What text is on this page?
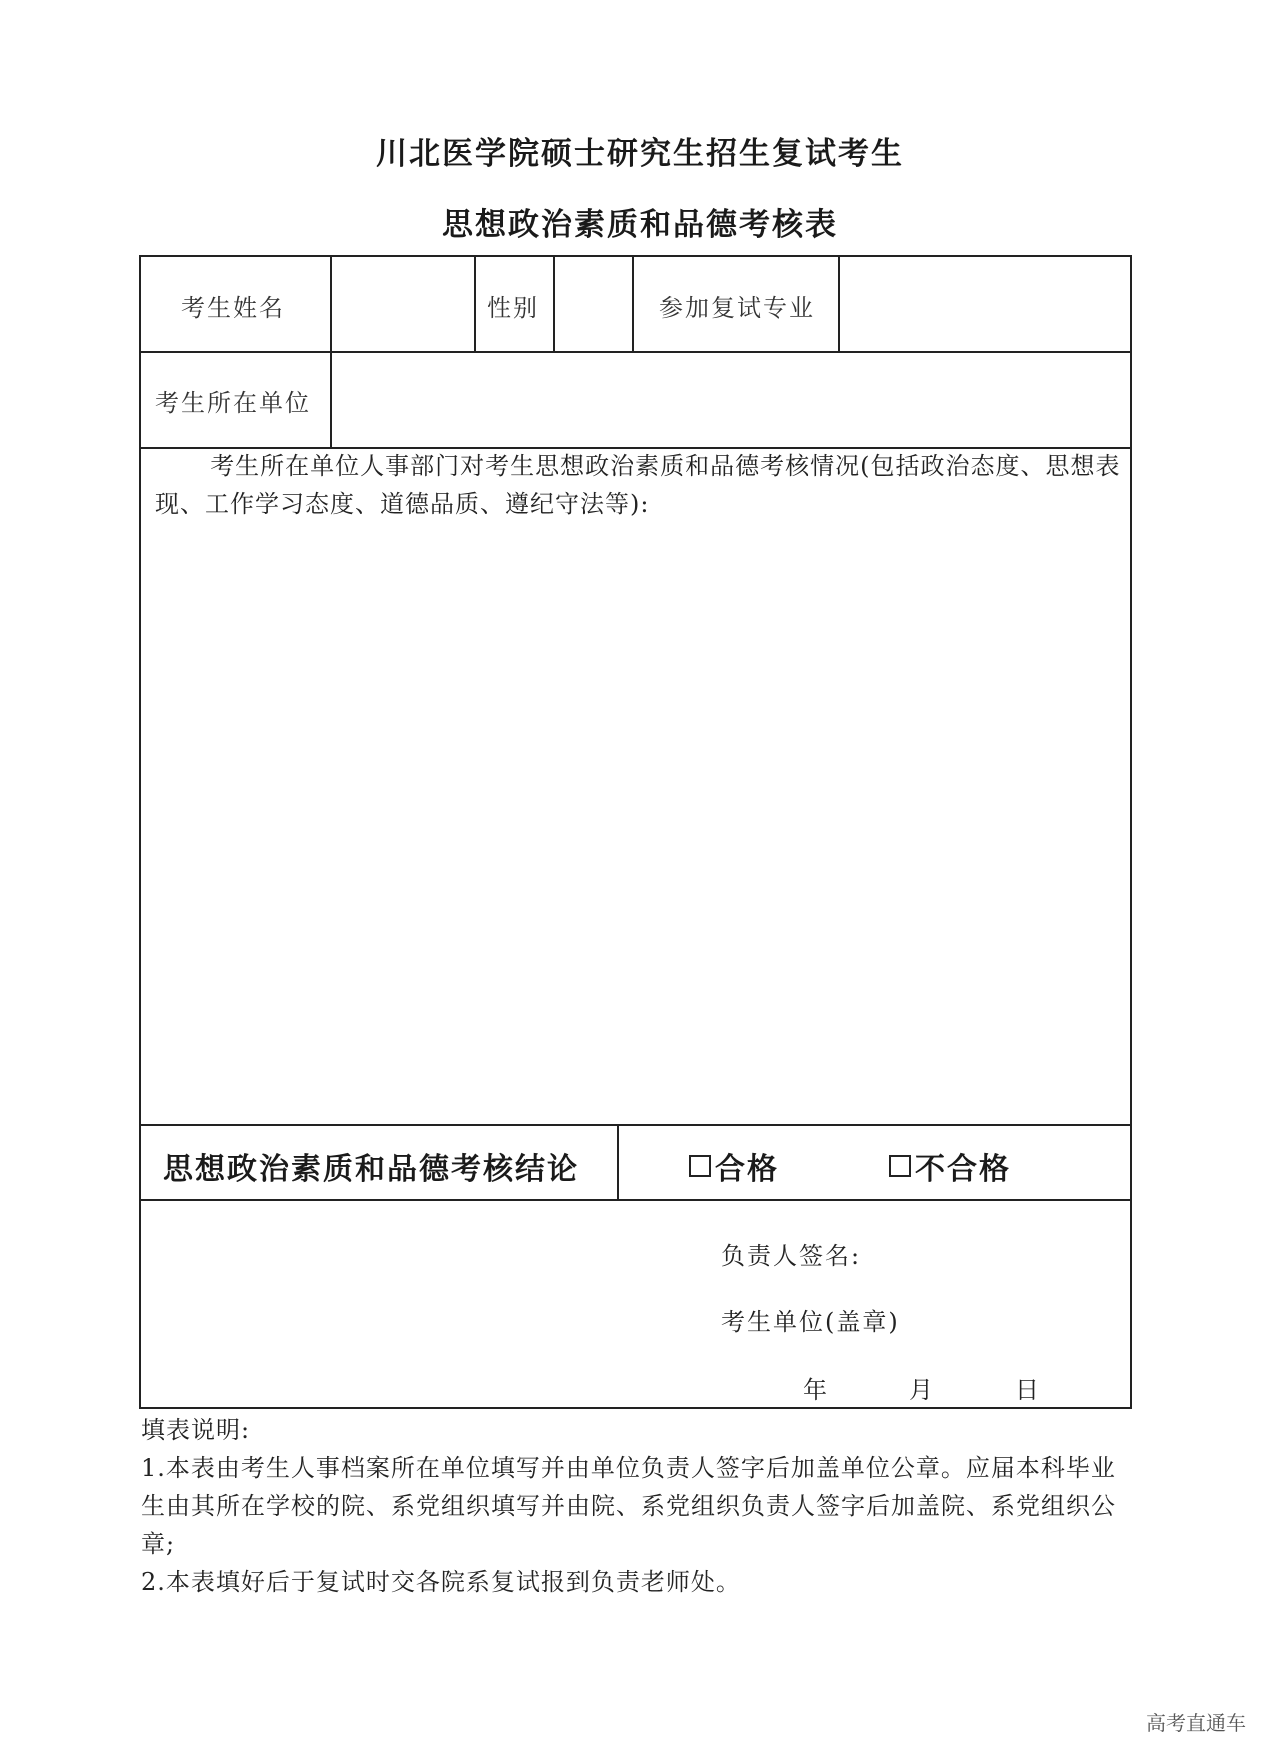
川北医学院硕士研究生招生复试考生
思想政治素质和品德考核表
考生姓名	性别	参加复试专业
考生所在单位
考生所在单位人事部门对考生思想政治素质和品德考核情况(包括政治态度、思想表现、工作学习态度、道德品质、遵纪守法等):
思想政治素质和品德考核结论	合格	不合格
负责人签名:
考生单位(盖章)
年	月	日

填表说明:

1.本表由考生人事档案所在单位填写并由单位负责人签字后加盖单位公章。应届本科毕业生由其所在学校的院、系党组织填写并由院、系党组织负责人签字后加盖院、系党组织公章;

2.本表填好后于复试时交各院系复试报到负责老师处。

高考直通车
